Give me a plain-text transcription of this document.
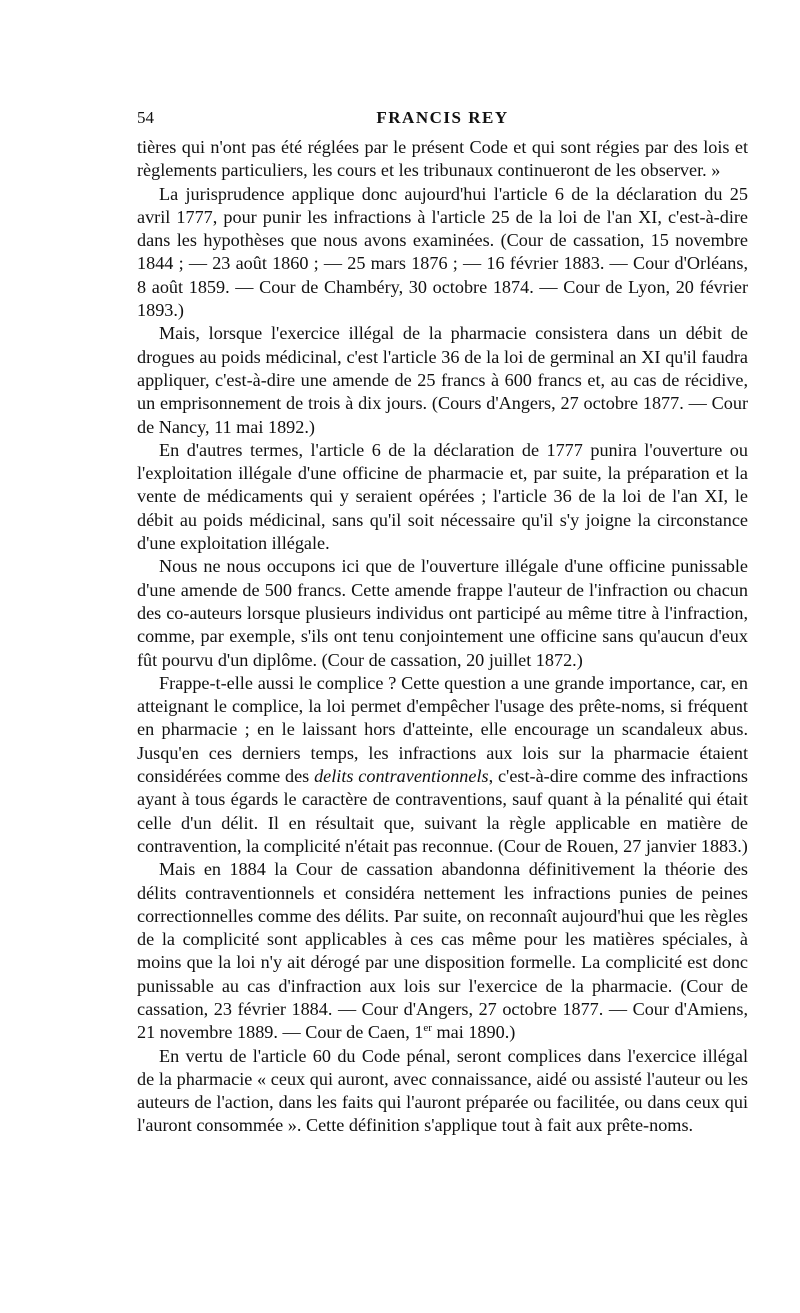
54	FRANCIS REY

tières qui n'ont pas été réglées par le présent Code et qui sont régies par des lois et règlements particuliers, les cours et les tribunaux continueront de les observer. »

La jurisprudence applique donc aujourd'hui l'article 6 de la déclaration du 25 avril 1777, pour punir les infractions à l'article 25 de la loi de l'an XI, c'est-à-dire dans les hypothèses que nous avons examinées. (Cour de cassation, 15 novembre 1844 ; — 23 août 1860 ; — 25 mars 1876 ; — 16 février 1883. — Cour d'Orléans, 8 août 1859. — Cour de Chambéry, 30 octobre 1874. — Cour de Lyon, 20 février 1893.)

Mais, lorsque l'exercice illégal de la pharmacie consistera dans un débit de drogues au poids médicinal, c'est l'article 36 de la loi de germinal an XI qu'il faudra appliquer, c'est-à-dire une amende de 25 francs à 600 francs et, au cas de récidive, un emprisonnement de trois à dix jours. (Cours d'Angers, 27 octobre 1877. — Cour de Nancy, 11 mai 1892.)

En d'autres termes, l'article 6 de la déclaration de 1777 punira l'ouverture ou l'exploitation illégale d'une officine de pharmacie et, par suite, la préparation et la vente de médicaments qui y seraient opérées ; l'article 36 de la loi de l'an XI, le débit au poids médicinal, sans qu'il soit nécessaire qu'il s'y joigne la circonstance d'une exploitation illégale.

Nous ne nous occupons ici que de l'ouverture illégale d'une officine punissable d'une amende de 500 francs. Cette amende frappe l'auteur de l'infraction ou chacun des co-auteurs lorsque plusieurs individus ont participé au même titre à l'infraction, comme, par exemple, s'ils ont tenu conjointement une officine sans qu'aucun d'eux fût pourvu d'un diplôme. (Cour de cassation, 20 juillet 1872.)

Frappe-t-elle aussi le complice ? Cette question a une grande importance, car, en atteignant le complice, la loi permet d'empêcher l'usage des prête-noms, si fréquent en pharmacie ; en le laissant hors d'atteinte, elle encourage un scandaleux abus. Jusqu'en ces derniers temps, les infractions aux lois sur la pharmacie étaient considérées comme des delits contraventionnels, c'est-à-dire comme des infractions ayant à tous égards le caractère de contraventions, sauf quant à la pénalité qui était celle d'un délit. Il en résultait que, suivant la règle applicable en matière de contravention, la complicité n'était pas reconnue. (Cour de Rouen, 27 janvier 1883.)

Mais en 1884 la Cour de cassation abandonna définitivement la théorie des délits contraventionnels et considéra nettement les infractions punies de peines correctionnelles comme des délits. Par suite, on reconnaît aujourd'hui que les règles de la complicité sont applicables à ces cas même pour les matières spéciales, à moins que la loi n'y ait dérogé par une disposition formelle. La complicité est donc punissable au cas d'infraction aux lois sur l'exercice de la pharmacie. (Cour de cassation, 23 février 1884. — Cour d'Angers, 27 octobre 1877. — Cour d'Amiens, 21 novembre 1889. — Cour de Caen, 1er mai 1890.)

En vertu de l'article 60 du Code pénal, seront complices dans l'exercice illégal de la pharmacie « ceux qui auront, avec connaissance, aidé ou assisté l'auteur ou les auteurs de l'action, dans les faits qui l'auront préparée ou facilitée, ou dans ceux qui l'auront consommée ». Cette définition s'applique tout à fait aux prête-noms.
